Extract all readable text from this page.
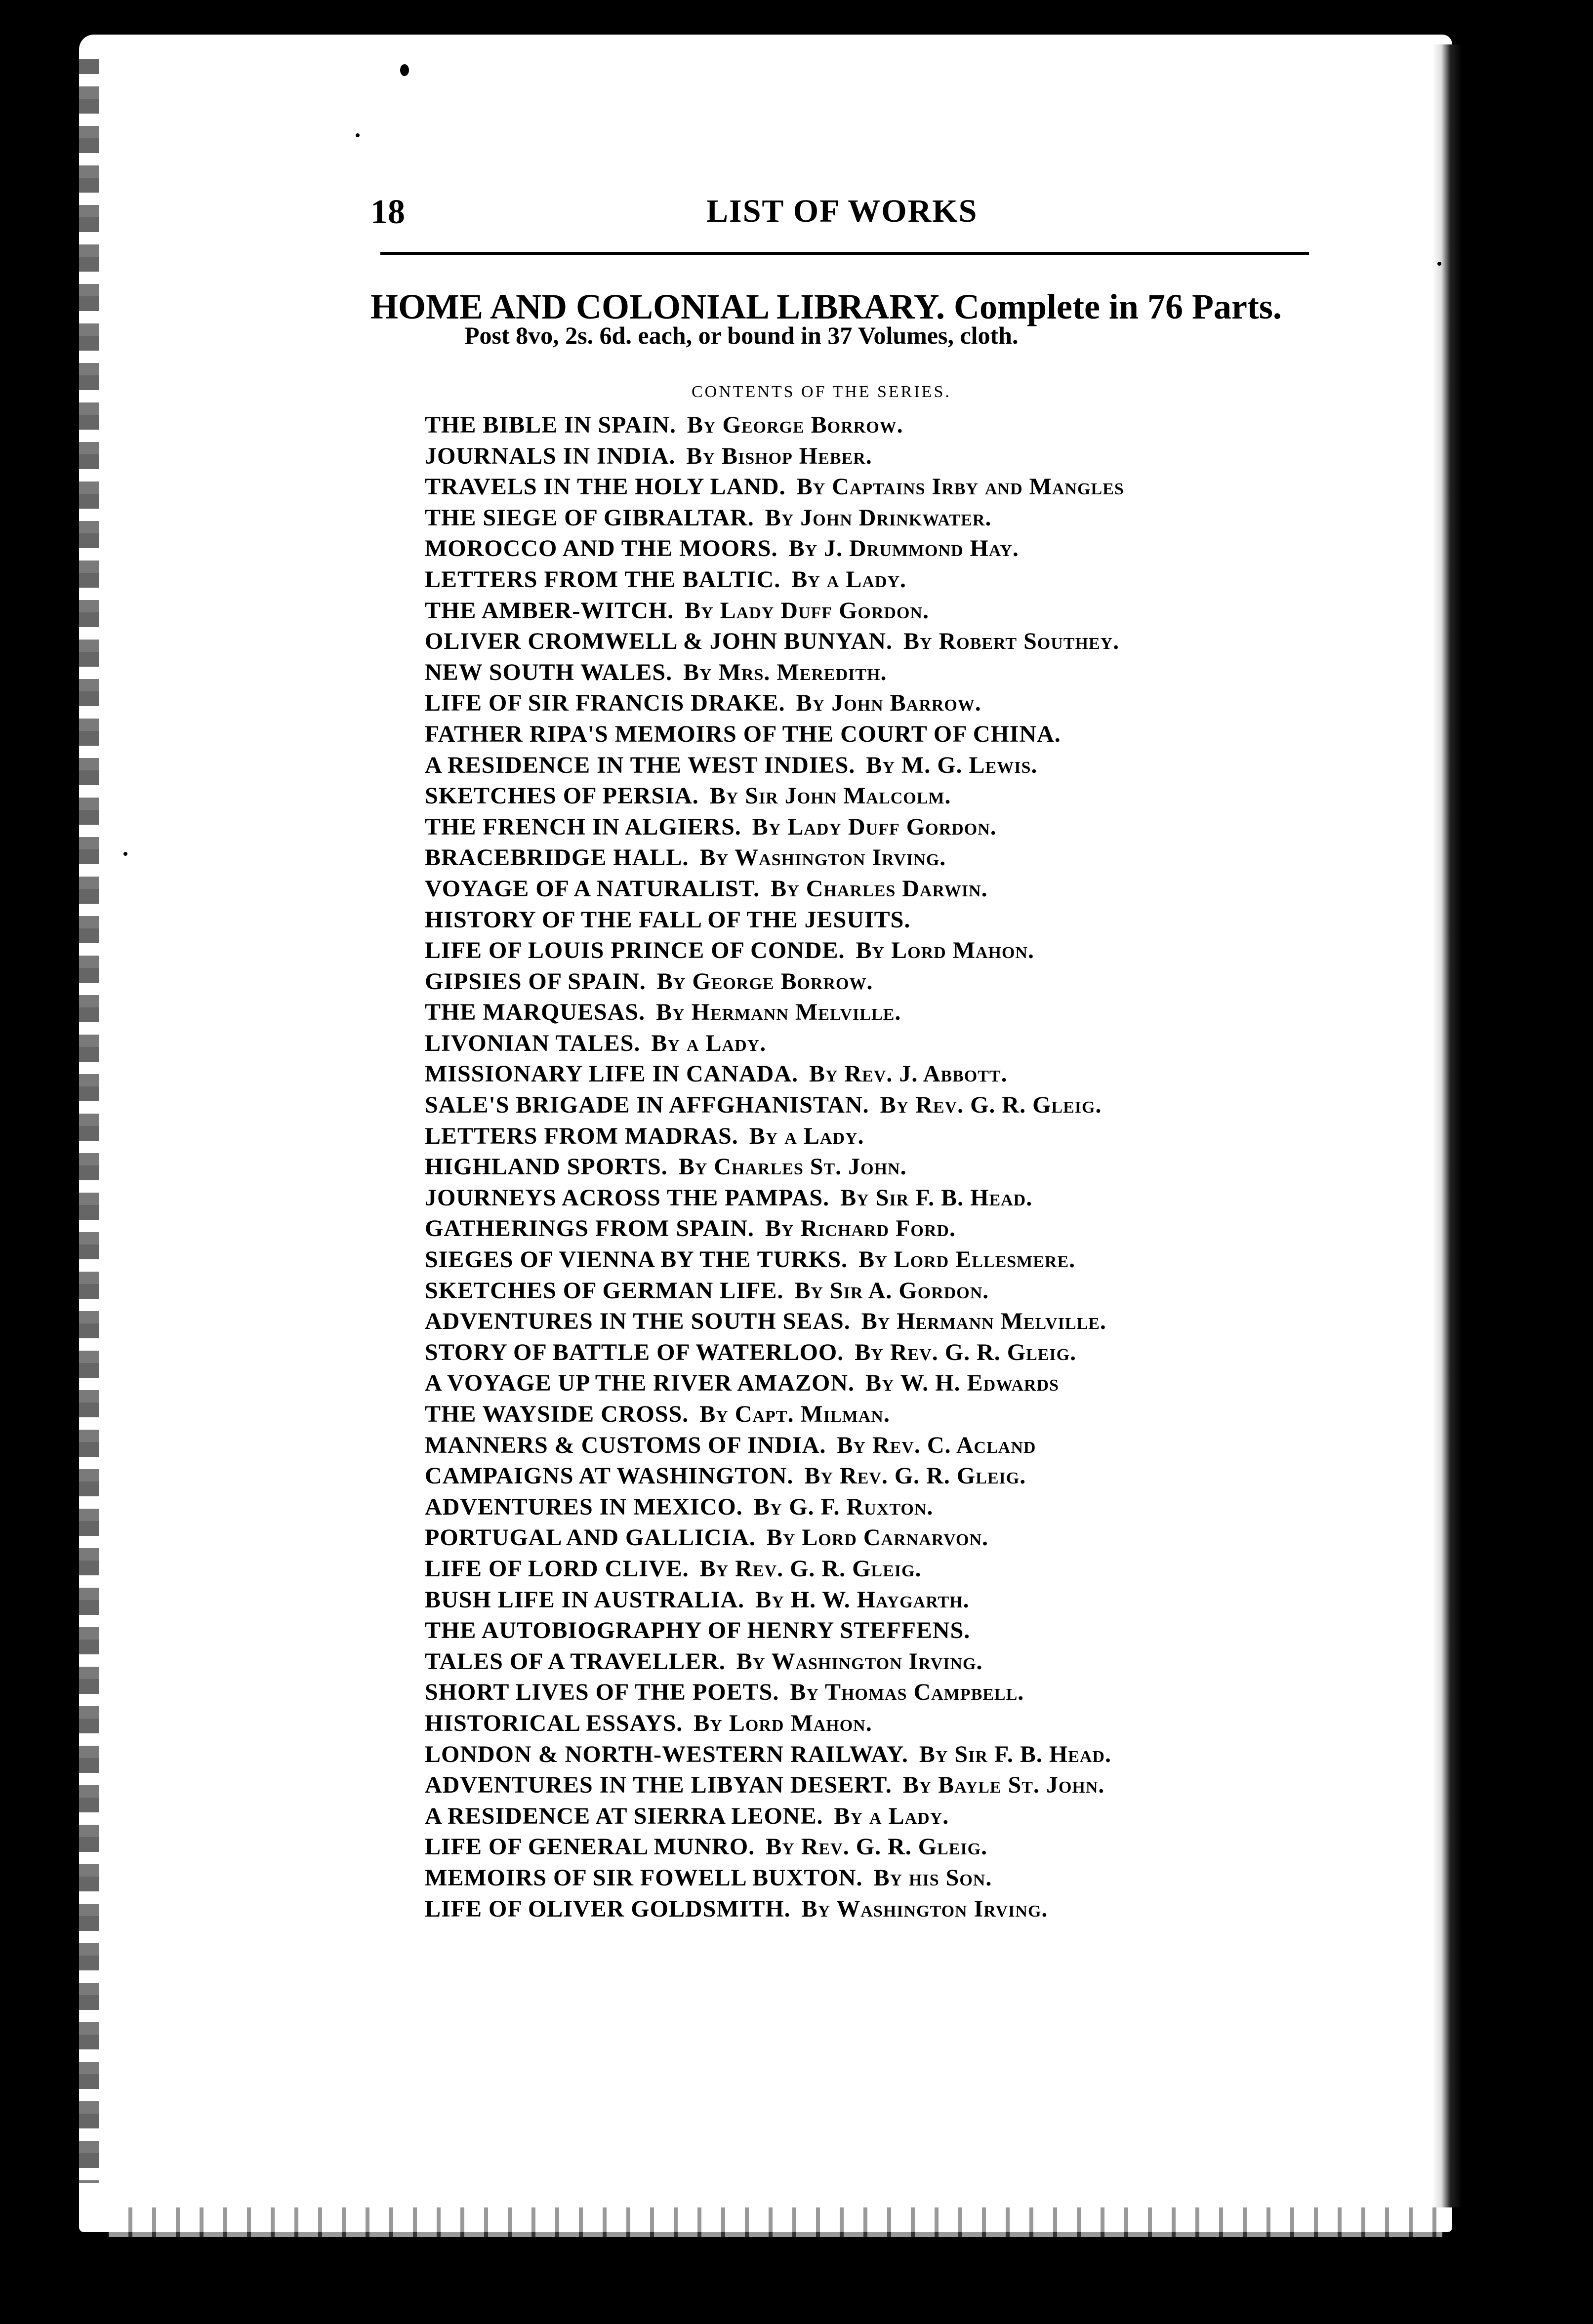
18	LIST OF WORKS
HOME AND COLONIAL LIBRARY. Complete in 76 Parts.
Post 8vo, 2s. 6d. each, or bound in 37 Volumes, cloth.
CONTENTS OF THE SERIES.
THE BIBLE IN SPAIN. By George Borrow.
JOURNALS IN INDIA. By Bishop Heber.
TRAVELS IN THE HOLY LAND. By Captains Irby and Mangles
THE SIEGE OF GIBRALTAR. By John Drinkwater.
MOROCCO AND THE MOORS. By J. Drummond Hay.
LETTERS FROM THE BALTIC. By a Lady.
THE AMBER-WITCH. By Lady Duff Gordon.
OLIVER CROMWELL & JOHN BUNYAN. By Robert Southey.
NEW SOUTH WALES. By Mrs. Meredith.
LIFE OF SIR FRANCIS DRAKE. By John Barrow.
FATHER RIPA'S MEMOIRS OF THE COURT OF CHINA.
A RESIDENCE IN THE WEST INDIES. By M. G. Lewis.
SKETCHES OF PERSIA. By Sir John Malcolm.
THE FRENCH IN ALGIERS. By Lady Duff Gordon.
BRACEBRIDGE HALL. By Washington Irving.
VOYAGE OF A NATURALIST. By Charles Darwin.
HISTORY OF THE FALL OF THE JESUITS.
LIFE OF LOUIS PRINCE OF CONDE. By Lord Mahon.
GIPSIES OF SPAIN. By George Borrow.
THE MARQUESAS. By Hermann Melville.
LIVONIAN TALES. By a Lady.
MISSIONARY LIFE IN CANADA. By Rev. J. Abbott.
SALE'S BRIGADE IN AFFGHANISTAN. By Rev. G. R. Gleig.
LETTERS FROM MADRAS. By a Lady.
HIGHLAND SPORTS. By Charles St. John.
JOURNEYS ACROSS THE PAMPAS. By Sir F. B. Head.
GATHERINGS FROM SPAIN. By Richard Ford.
SIEGES OF VIENNA BY THE TURKS. By Lord Ellesmere.
SKETCHES OF GERMAN LIFE. By Sir A. Gordon.
ADVENTURES IN THE SOUTH SEAS. By Hermann Melville.
STORY OF BATTLE OF WATERLOO. By Rev. G. R. Gleig.
A VOYAGE UP THE RIVER AMAZON. By W. H. Edwards
THE WAYSIDE CROSS. By Capt. Milman.
MANNERS & CUSTOMS OF INDIA. By Rev. C. Acland
CAMPAIGNS AT WASHINGTON. By Rev. G. R. Gleig.
ADVENTURES IN MEXICO. By G. F. Ruxton.
PORTUGAL AND GALLICIA. By Lord Carnarvon.
LIFE OF LORD CLIVE. By Rev. G. R. Gleig.
BUSH LIFE IN AUSTRALIA. By H. W. Haygarth.
THE AUTOBIOGRAPHY OF HENRY STEFFENS.
TALES OF A TRAVELLER. By Washington Irving.
SHORT LIVES OF THE POETS. By Thomas Campbell.
HISTORICAL ESSAYS. By Lord Mahon.
LONDON & NORTH-WESTERN RAILWAY. By Sir F. B. Head.
ADVENTURES IN THE LIBYAN DESERT. By Bayle St. John.
A RESIDENCE AT SIERRA LEONE. By a Lady.
LIFE OF GENERAL MUNRO. By Rev. G. R. Gleig.
MEMOIRS OF SIR FOWELL BUXTON. By his Son.
LIFE OF OLIVER GOLDSMITH. By Washington Irving.
